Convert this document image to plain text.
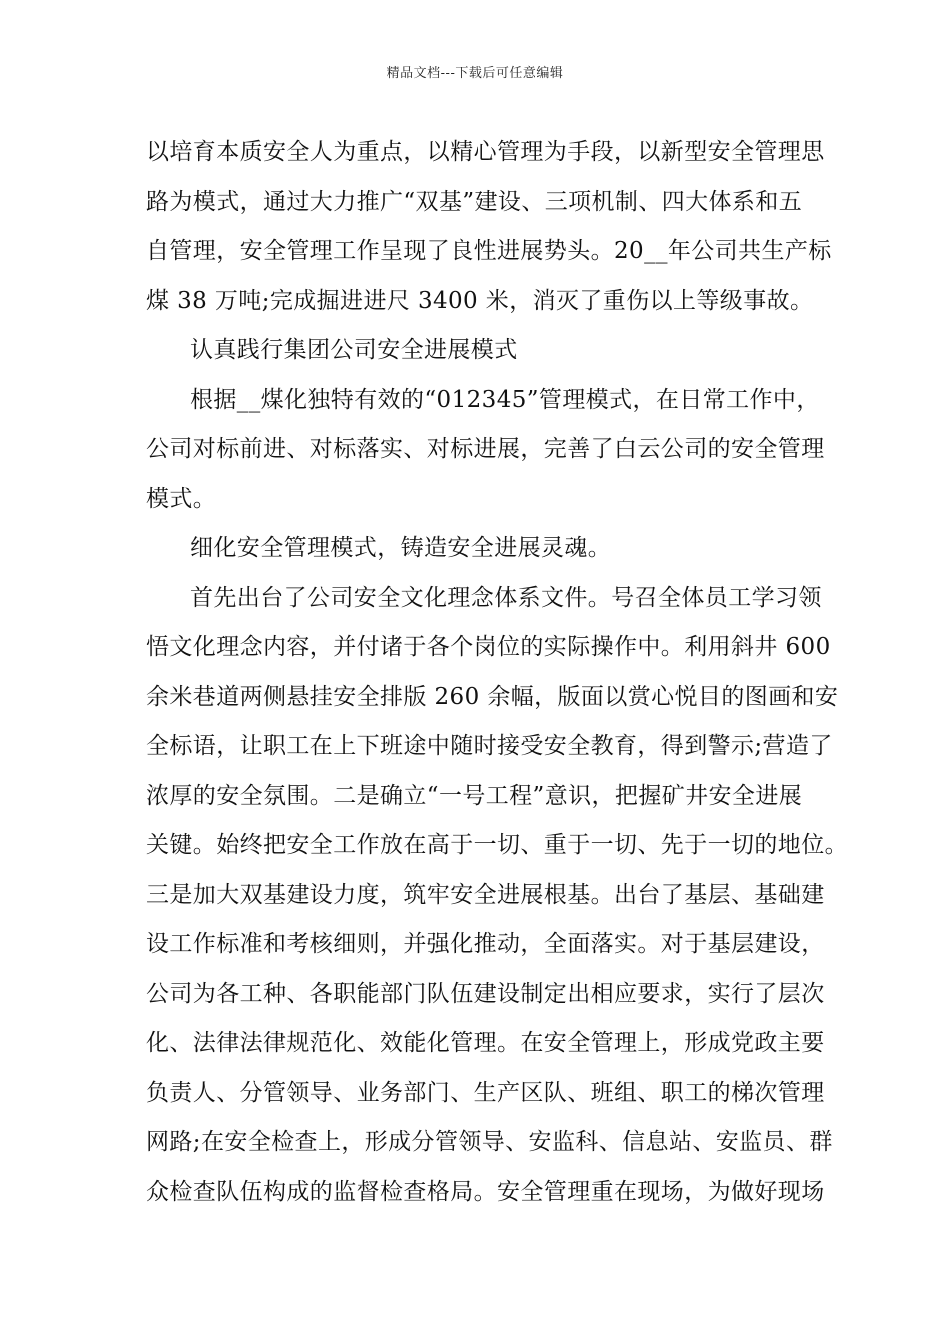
精品文档---下载后可任意编辑
以培育本质安全人为重点，以精心管理为手段，以新型安全管理思
路为模式，通过大力推广“双基”建设、三项机制、四大体系和五
自管理，安全管理工作呈现了良性进展势头。20__年公司共生产标
煤 38 万吨;完成掘进进尺 3400 米，消灭了重伤以上等级事故。
认真践行集团公司安全进展模式
根据__煤化独特有效的“012345”管理模式，在日常工作中，
公司对标前进、对标落实、对标进展，完善了白云公司的安全管理
模式。
细化安全管理模式，铸造安全进展灵魂。
首先出台了公司安全文化理念体系文件。号召全体员工学习领
悟文化理念内容，并付诸于各个岗位的实际操作中。利用斜井 600
余米巷道两侧悬挂安全排版 260 余幅，版面以赏心悦目的图画和安
全标语，让职工在上下班途中随时接受安全教育，得到警示;营造了
浓厚的安全氛围。二是确立“一号工程”意识，把握矿井安全进展
关键。始终把安全工作放在高于一切、重于一切、先于一切的地位。
三是加大双基建设力度，筑牢安全进展根基。出台了基层、基础建
设工作标准和考核细则，并强化推动，全面落实。对于基层建设，
公司为各工种、各职能部门队伍建设制定出相应要求，实行了层次
化、法律法律规范化、效能化管理。在安全管理上，形成党政主要
负责人、分管领导、业务部门、生产区队、班组、职工的梯次管理
网路;在安全检查上，形成分管领导、安监科、信息站、安监员、群
众检查队伍构成的监督检查格局。安全管理重在现场，为做好现场
